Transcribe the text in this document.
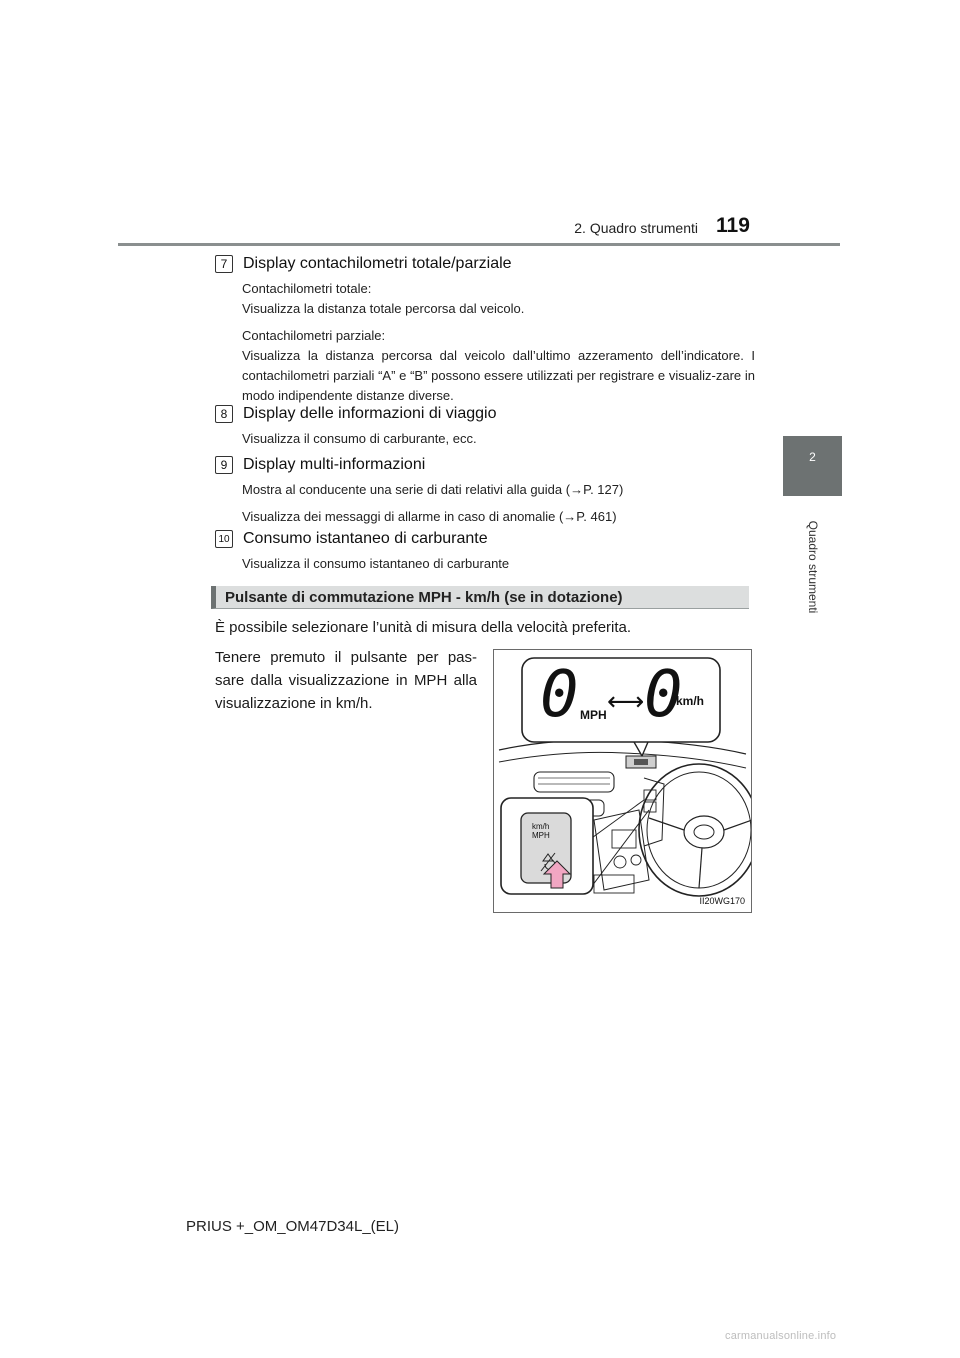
2. Quadro strumenti 119
2
Quadro strumenti
7 Display contachilometri totale/parziale
Contachilometri totale:
Visualizza la distanza totale percorsa dal veicolo.
Contachilometri parziale:
Visualizza la distanza percorsa dal veicolo dall’ultimo azzeramento dell’indicatore. I contachilometri parziali “A” e “B” possono essere utilizzati per registrare e visualiz-zare in modo indipendente distanze diverse.
8 Display delle informazioni di viaggio
Visualizza il consumo di carburante, ecc.
9 Display multi-informazioni
Mostra al conducente una serie di dati relativi alla guida (→P. 127)
Visualizza dei messaggi di allarme in caso di anomalie (→P. 461)
10 Consumo istantaneo di carburante
Visualizza il consumo istantaneo di carburante
Pulsante di commutazione MPH - km/h (se in dotazione)
È possibile selezionare l’unità di misura della velocità preferita.
Tenere premuto il pulsante per pas-sare dalla visualizzazione in MPH alla visualizzazione in km/h.	0 MPH ⟷ 0
km/h
km/h
MPH
II20WG170
PRIUS +_OM_OM47D34L_(EL)
carmanualsonline.info
